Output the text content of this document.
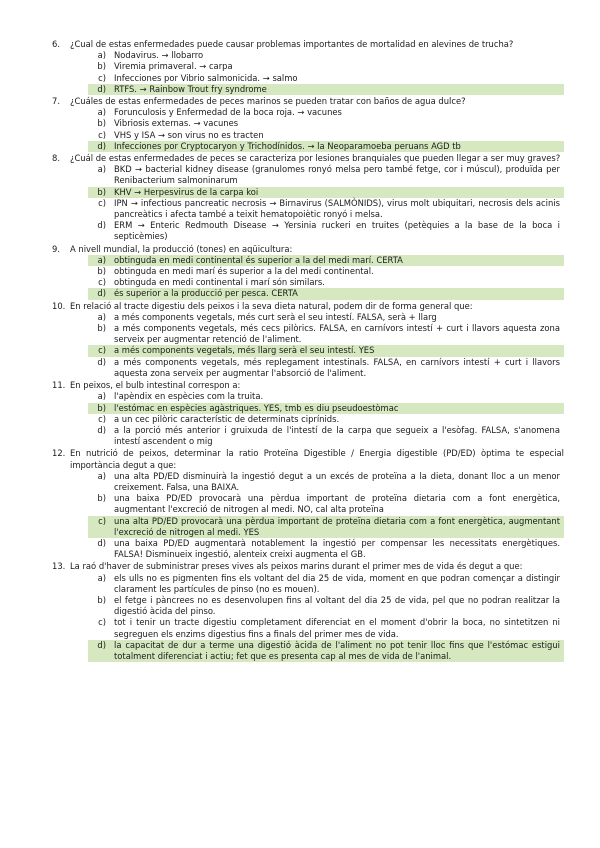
6.	¿Cual de estas enfermedades puede causar problemas importantes de mortalidad en alevines de trucha?
a) Nodavirus. → llobarro
b) Viremia primaveral. → carpa
c) Infecciones por Vibrio salmonicida. → salmo
d) RTFS. → Rainbow Trout fry syndrome
7.	¿Cuáles de estas enfermedades de peces marinos se pueden tratar con baños de agua dulce?
a) Forunculosis y Enfermedad de la boca roja. → vacunes
b) Vibriosis externas. → vacunes
c) VHS y ISA → son virus no es tracten
d) Infecciones por Cryptocaryon y Trichodínidos. → la Neoparamoeba peruans AGD tb
8.	¿Cuál de estas enfermedades de peces se caracteriza por lesiones branquiales que pueden llegar a ser muy graves?
a) BKD → bacterial kidney disease (granulomes ronyó melsa pero també fetge, cor i múscul), produïda per Renibacterium salmoninarum
b) KHV → Herpesvirus de la carpa koi
c) IPN → infectious pancreatic necrosis → Birnavirus (SALMÒNIDS), virus molt ubiquitari, necrosis dels acinis pancreàtics i afecta també a teixit hematopoiètic ronyó i melsa.
d) ERM → Enteric Redmouth Disease → Yersinia ruckeri en truites (petèquies a la base de la boca i septicèmies)
9.	A nivell mundial, la producció (tones) en aqüicultura:
a) obtinguda en medi continental és superior a la del medi marí. CERTA
b) obtinguda en medi marí és superior a la del medi continental.
c) obtinguda en medi continental i marí són similars.
d) és superior a la producció per pesca. CERTA
10. En relació al tracte digestiu dels peixos i la seva dieta natural, podem dir de forma general que:
a) a més components vegetals, més curt serà el seu intestí. FALSA, serà + llarg
b) a més components vegetals, més cecs pilòrics. FALSA, en carnívors intestí + curt i llavors aquesta zona serveix per augmentar retenció de l'aliment.
c) a més components vegetals, més llarg serà el seu intestí. YES
d) a més components vegetals, més replegament intestinals. FALSA, en carnívors intestí + curt i llavors aquesta zona serveix per augmentar l'absorció de l'aliment.
11. En peixos, el bulb intestinal correspon a:
a) l'apèndix en espècies com la truita.
b) l'estómac en espècies agàstriques. YES, tmb es diu pseudoestòmac
c) a un cec pilòric característic de determinats ciprínids.
d) a la porció més anterior i gruixuda de l'intestí de la carpa que segueix a l'esòfag. FALSA, s'anomena intestí ascendent o mig
12. En nutrició de peixos, determinar la ratio Proteïna Digestible / Energia digestible (PD/ED) òptima te especial importància degut a que:
a) una alta PD/ED disminuirà la ingestió degut a un excés de proteïna a la dieta, donant lloc a un menor creixement. Falsa, una BAIXA.
b) una baixa PD/ED provocarà una pèrdua important de proteïna dietaria com a font energètica, augmentant l'excreció de nitrogen al medi. NO, cal alta proteïna
c) una alta PD/ED provocarà una pèrdua important de proteïna dietaria com a font energètica, augmentant l'excreció de nitrogen al medi. YES
d) una baixa PD/ED augmentarà notablement la ingestió per compensar les necessitats energètiques. FALSA! Disminueix ingestió, alenteix creixi augmenta el GB.
13. La raó d'haver de subministrar preses vives als peixos marins durant el primer mes de vida és degut a que:
a) els ulls no es pigmenten fins els voltant del dia 25 de vida, moment en que podran començar a distingir clarament les partícules de pinso (no es mouen).
b) el fetge i pàncrees no es desenvolupen fins al voltant del dia 25 de vida, pel que no podran realitzar la digestió àcida del pinso.
c) tot i tenir un tracte digestiu completament diferenciat en el moment d'obrir la boca, no sintetitzen ni segreguen els enzims digestius fins a finals del primer mes de vida.
d) la capacitat de dur a terme una digestió àcida de l'aliment no pot tenir lloc fins que l'estómac estigui totalment diferenciat i actiu; fet que es presenta cap al mes de vida de l'animal.
